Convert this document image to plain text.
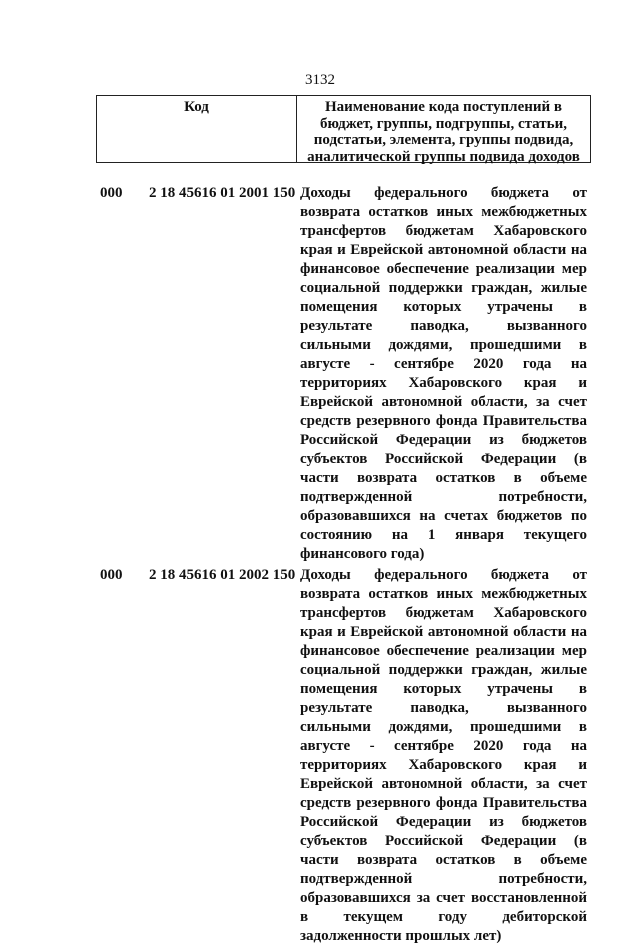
3132
Код	Наименование кода поступлений в бюджет, группы, подгруппы, статьи, подстатьи, элемента, группы подвида, аналитической группы подвида доходов
000	2 18 45616 01 2001 150 Доходы федерального бюджета от возврата остатков иных межбюджетных трансфертов бюджетам Хабаровского края и Еврейской автономной области на финансовое обеспечение реализации мер социальной поддержки граждан, жилые помещения которых утрачены в результате паводка, вызванного сильными дождями, прошедшими в августе - сентябре 2020 года на территориях Хабаровского края и Еврейской автономной области, за счет средств резервного фонда Правительства Российской Федерации из бюджетов субъектов Российской Федерации (в части возврата остатков в объеме подтвержденной потребности, образовавшихся на счетах бюджетов по состоянию на 1 января текущего финансового года)
000	2 18 45616 01 2002 150 Доходы федерального бюджета от возврата остатков иных межбюджетных трансфертов бюджетам Хабаровского края и Еврейской автономной области на финансовое обеспечение реализации мер социальной поддержки граждан, жилые помещения которых утрачены в результате паводка, вызванного сильными дождями, прошедшими в августе - сентябре 2020 года на территориях Хабаровского края и Еврейской автономной области, за счет средств резервного фонда Правительства Российской Федерации из бюджетов субъектов Российской Федерации (в части возврата остатков в объеме подтвержденной потребности, образовавшихся за счет восстановленной в текущем году дебиторской задолженности прошлых лет)
